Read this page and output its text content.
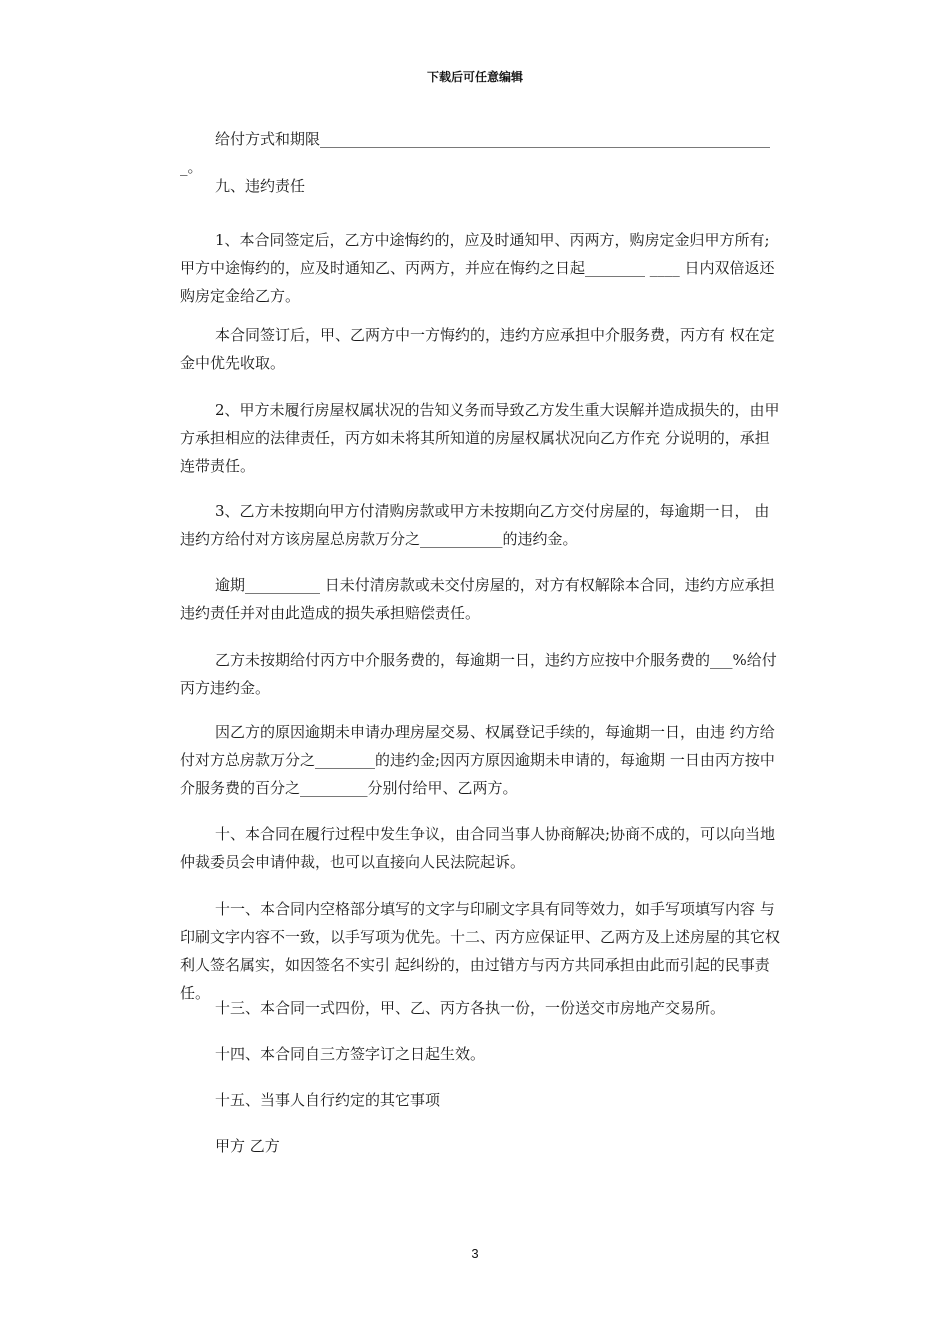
下载后可任意编辑

给付方式和期限_____________________________________________________________。

九、违约责任

1、本合同签定后，乙方中途悔约的，应及时通知甲、丙两方，购房定金归甲方所有;甲方中途悔约的，应及时通知乙、丙两方，并应在悔约之日起________ ____ 日内双倍返还购房定金给乙方。

本合同签订后，甲、乙两方中一方悔约的，违约方应承担中介服务费，丙方有 权在定金中优先收取。

2、甲方未履行房屋权属状况的告知义务而导致乙方发生重大误解并造成损失的，由甲方承担相应的法律责任，丙方如未将其所知道的房屋权属状况向乙方作充 分说明的，承担连带责任。

3、乙方未按期向甲方付清购房款或甲方未按期向乙方交付房屋的，每逾期一日， 由违约方给付对方该房屋总房款万分之___________的违约金。

逾期__________ 日未付清房款或未交付房屋的，对方有权解除本合同，违约方应承担违约责任并对由此造成的损失承担赔偿责任。

乙方未按期给付丙方中介服务费的，每逾期一日，违约方应按中介服务费的___%给付丙方违约金。

因乙方的原因逾期未申请办理房屋交易、权属登记手续的，每逾期一日，由违 约方给付对方总房款万分之________的违约金;因丙方原因逾期未申请的，每逾期 一日由丙方按中介服务费的百分之_________分别付给甲、乙两方。

十、本合同在履行过程中发生争议，由合同当事人协商解决;协商不成的，可以向当地仲裁委员会申请仲裁，也可以直接向人民法院起诉。

十一、本合同内空格部分填写的文字与印刷文字具有同等效力，如手写项填写内容 与印刷文字内容不一致，以手写项为优先。十二、丙方应保证甲、乙两方及上述房屋的其它权利人签名属实，如因签名不实引 起纠纷的，由过错方与丙方共同承担由此而引起的民事责任。

十三、本合同一式四份，甲、乙、丙方各执一份，一份送交市房地产交易所。

十四、本合同自三方签字订之日起生效。

十五、当事人自行约定的其它事项

甲方 乙方

3
